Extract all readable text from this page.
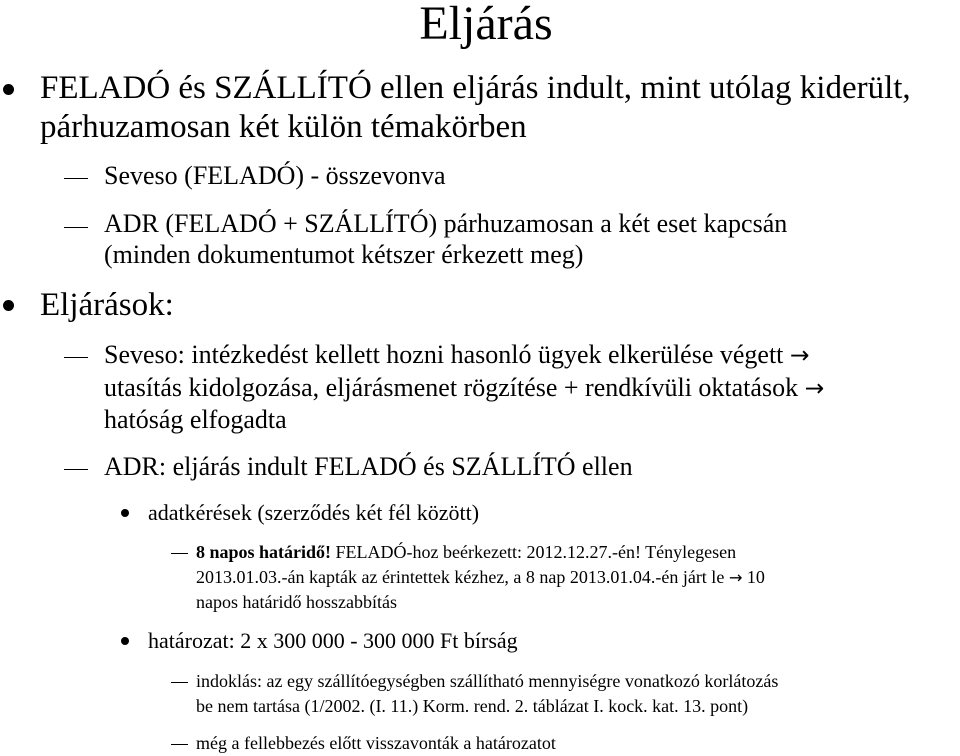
Eljárás
FELADÓ és SZÁLLÍTÓ ellen eljárás indult, mint utólag kiderült,
párhuzamosan két külön témakörben
Seveso (FELADÓ) - összevonva
ADR (FELADÓ + SZÁLLÍTÓ) párhuzamosan a két eset kapcsán
(minden dokumentumot kétszer érkezett meg)
Eljárások:
Seveso: intézkedést kellett hozni hasonló ügyek elkerülése végett →
utasítás kidolgozása, eljárásmenet rögzítése + rendkívüli oktatások →
hatóság elfogadta
ADR: eljárás indult FELADÓ és SZÁLLÍTÓ ellen
adatkérések (szerződés két fél között)
8 napos határidő! FELADÓ-hoz beérkezett: 2012.12.27.-én! Ténylegesen
2013.01.03.-án kapták az érintettek kézhez, a 8 nap 2013.01.04.-én járt le → 10
napos határidő hosszabbítás
határozat: 2 x 300 000 - 300 000 Ft bírság
indoklás: az egy szállítóegységben szállítható mennyiségre vonatkozó korlátozás
be nem tartása (1/2002. (I. 11.) Korm. rend. 2. táblázat I. kock. kat. 13. pont)
még a fellebbezés előtt visszavonták a határozatot
